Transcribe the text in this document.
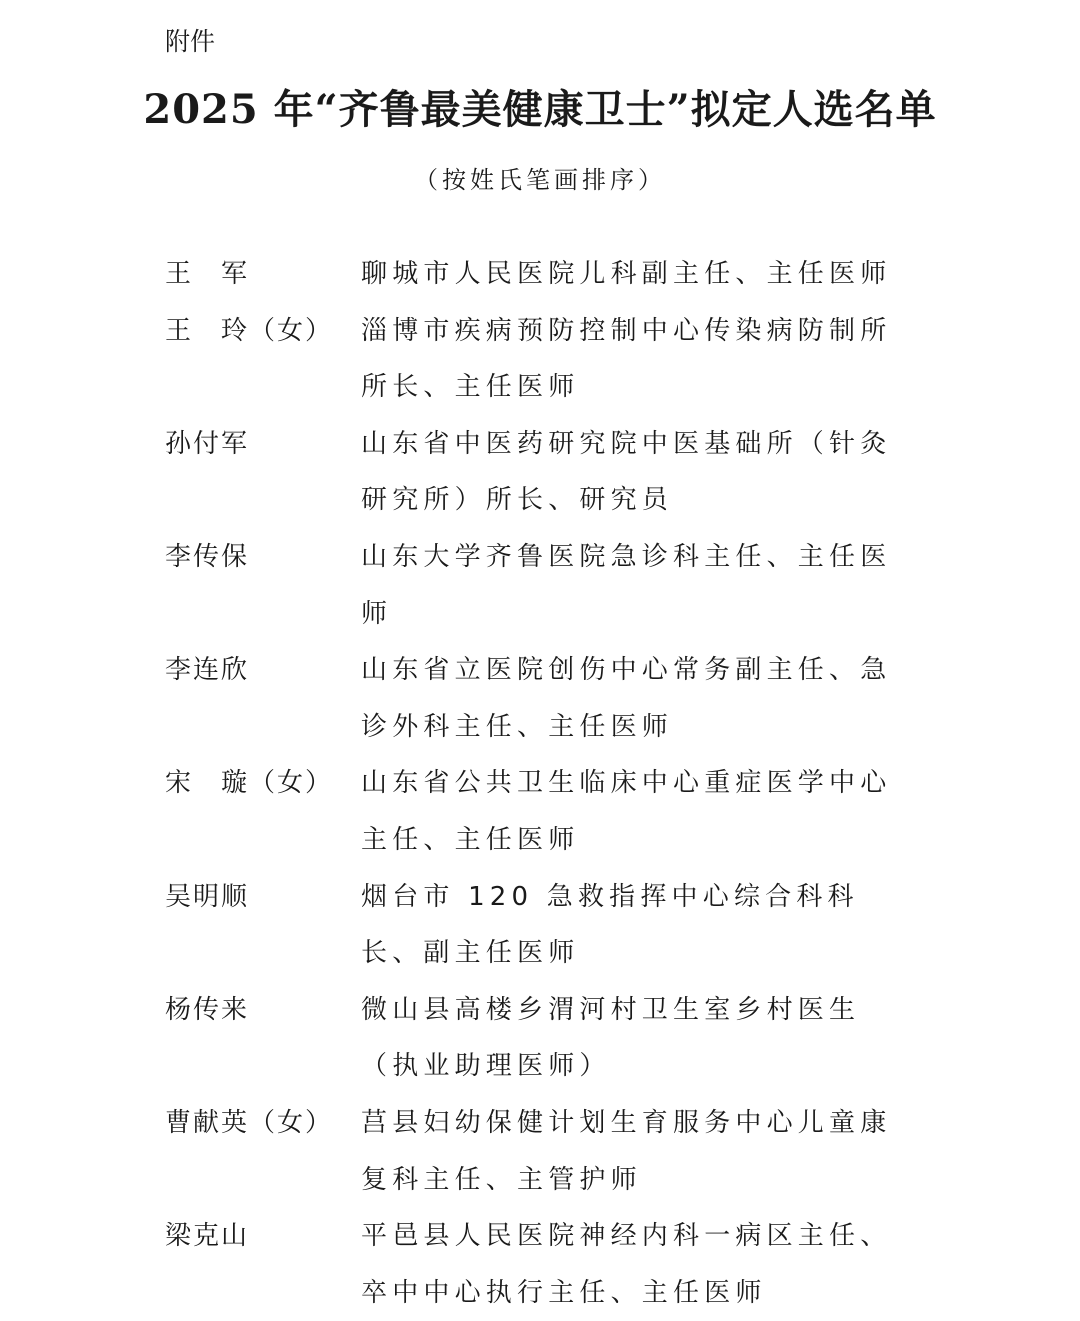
附件
2025 年“齐鲁最美健康卫士”拟定人选名单
（按姓氏笔画排序）
王　军	聊城市人民医院儿科副主任、主任医师
王　玲（女）	淄博市疾病预防控制中心传染病防制所所长、主任医师
孙付军	山东省中医药研究院中医基础所（针灸研究所）所长、研究员
李传保	山东大学齐鲁医院急诊科主任、主任医师
李连欣	山东省立医院创伤中心常务副主任、急诊外科主任、主任医师
宋　璇（女）	山东省公共卫生临床中心重症医学中心主任、主任医师
吴明顺	烟台市 120 急救指挥中心综合科科长、副主任医师
杨传来	微山县高楼乡渭河村卫生室乡村医生（执业助理医师）
曹献英（女）	莒县妇幼保健计划生育服务中心儿童康复科主任、主管护师
梁克山	平邑县人民医院神经内科一病区主任、卒中中心执行主任、主任医师
